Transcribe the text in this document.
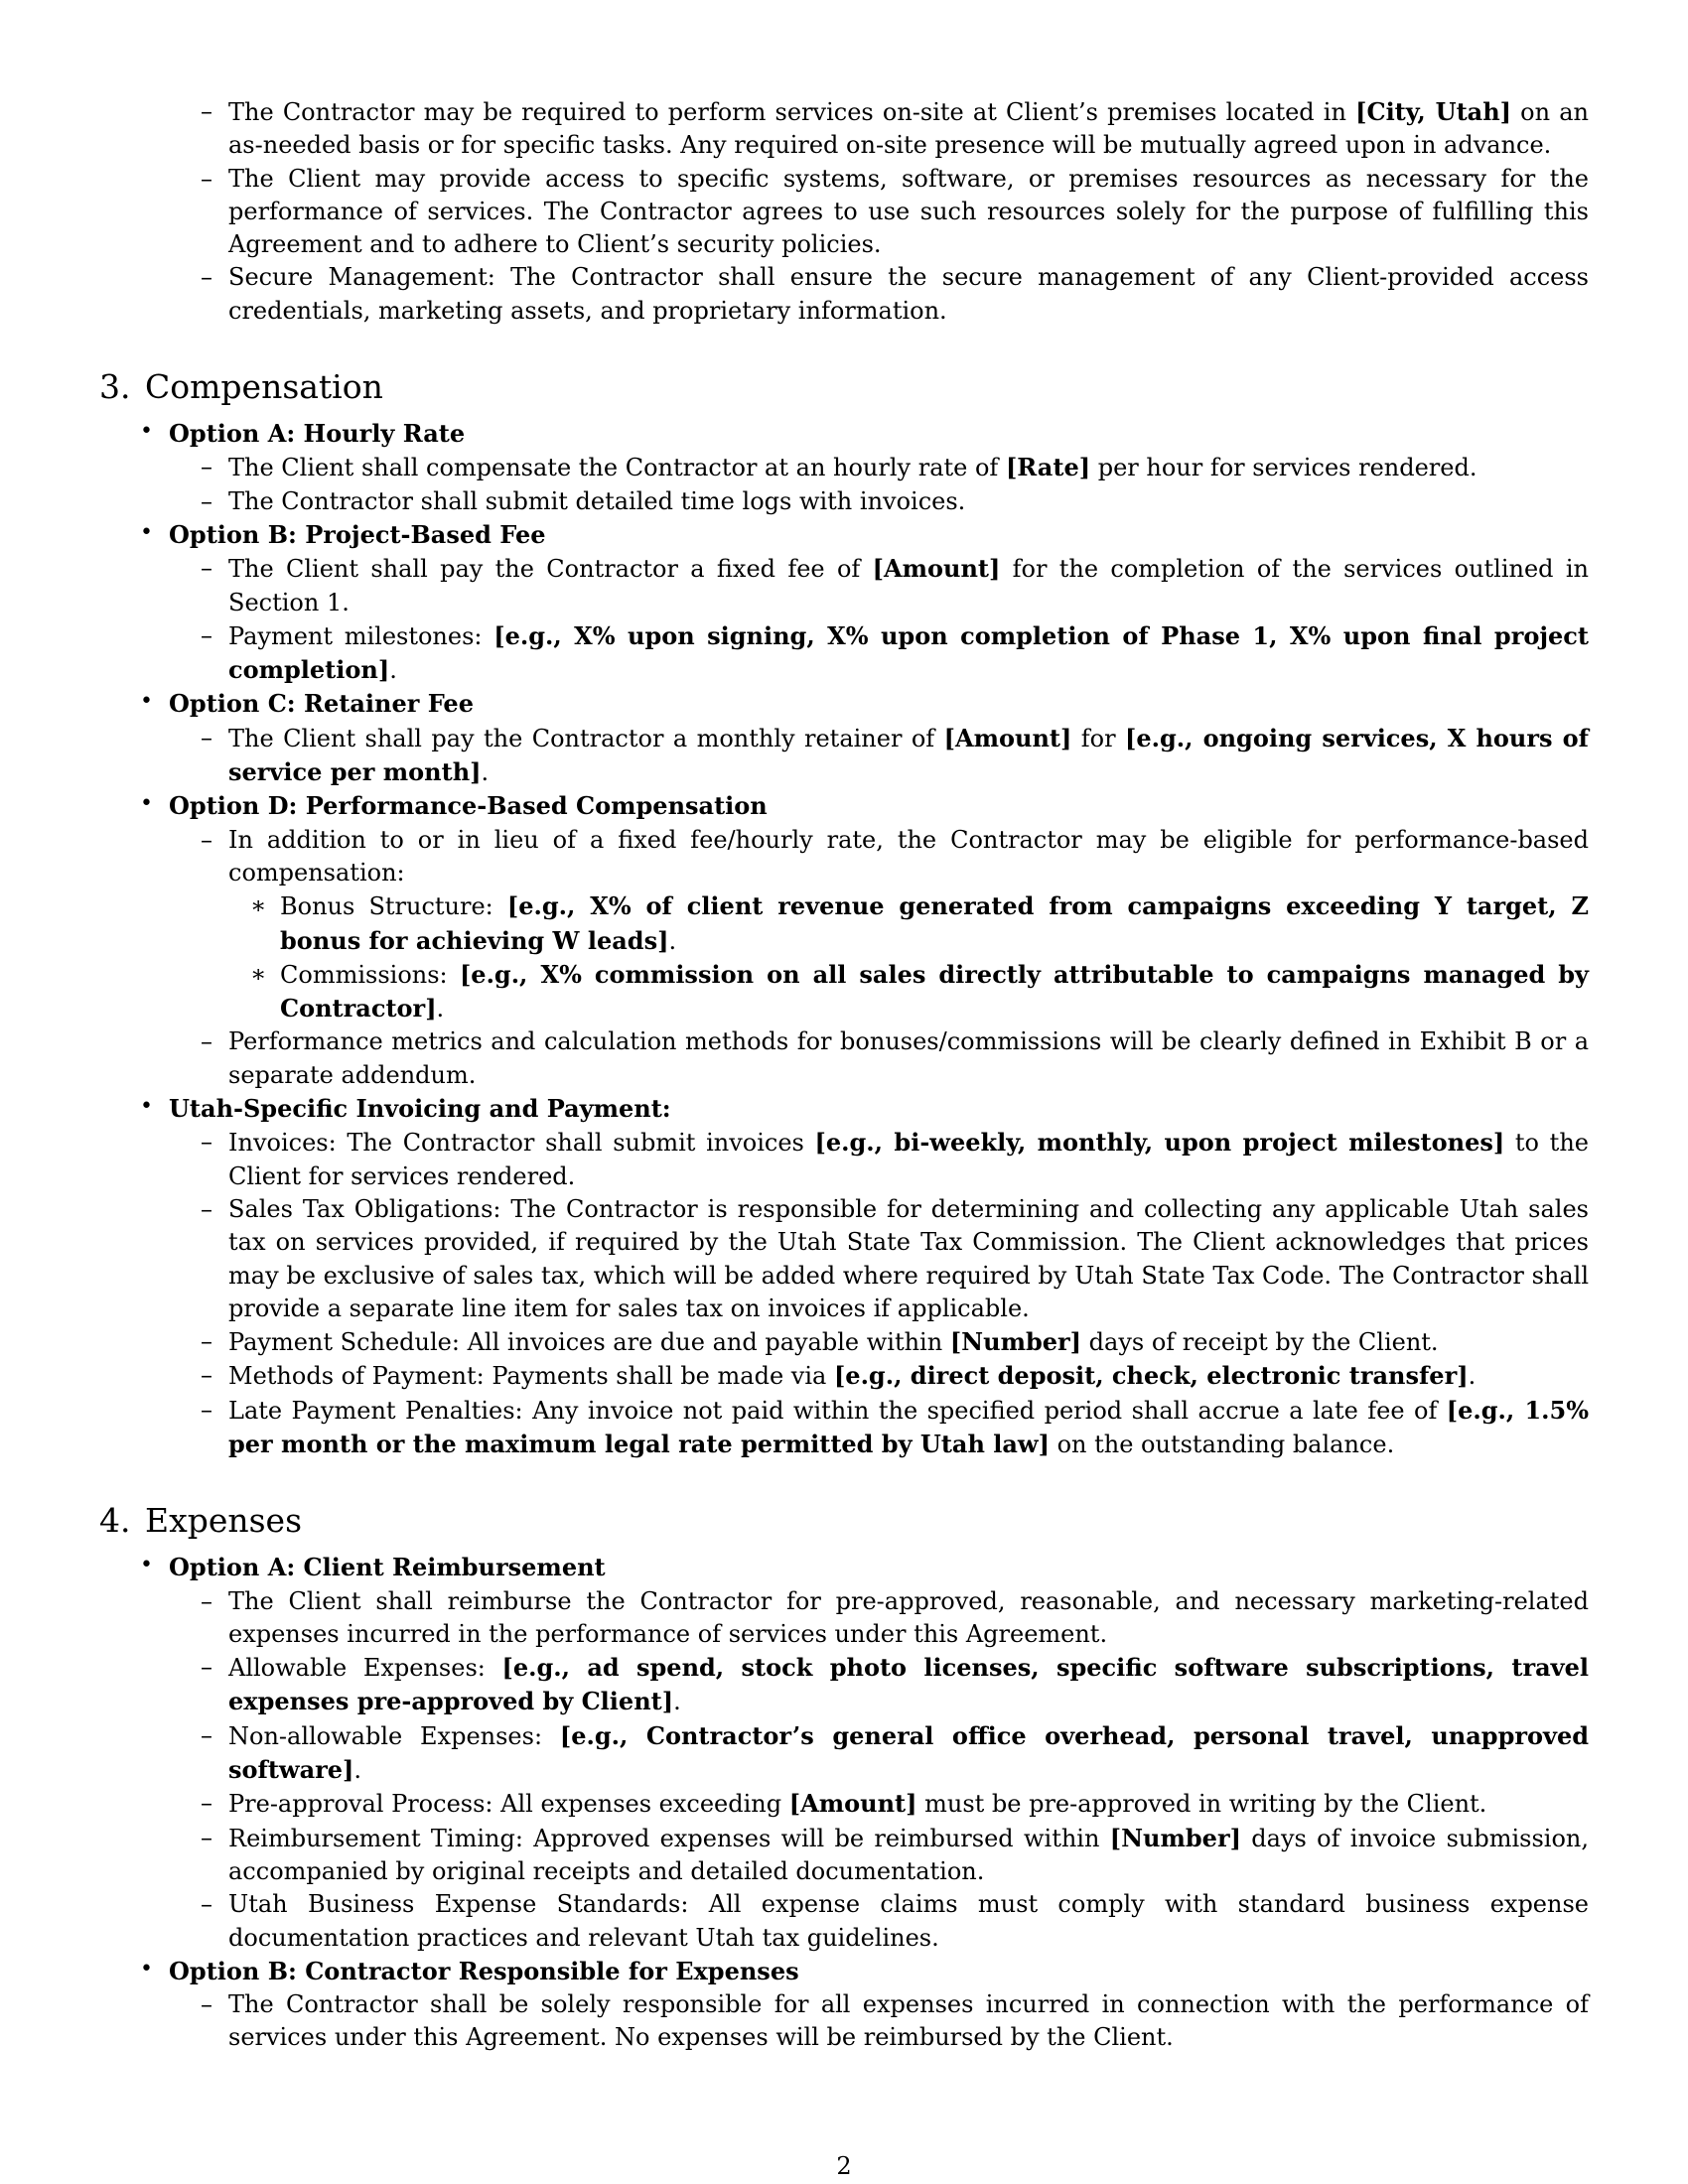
–
The Contractor may be required to perform services on-site at Client’s premises located in [City, Utah] on an as-needed basis or for specific tasks. Any required on-site presence will be mutually agreed upon in advance.
–
The Client may provide access to specific systems, software, or premises resources as necessary for the performance of services. The Contractor agrees to use such resources solely for the purpose of fulfilling this Agreement and to adhere to Client’s security policies.
–
Secure Management: The Contractor shall ensure the secure management of any Client-provided access credentials, marketing assets, and proprietary information.
3. Compensation
•
Option A: Hourly Rate
–
The Client shall compensate the Contractor at an hourly rate of [Rate] per hour for services rendered.
–
The Contractor shall submit detailed time logs with invoices.
•
Option B: Project-Based Fee
–
The Client shall pay the Contractor a fixed fee of [Amount] for the completion of the services outlined in Section 1.
–
Payment milestones: [e.g., X% upon signing, X% upon completion of Phase 1, X% upon final project completion].
•
Option C: Retainer Fee
–
The Client shall pay the Contractor a monthly retainer of [Amount] for [e.g., ongoing services, X hours of service per month].
•
Option D: Performance-Based Compensation
–
In addition to or in lieu of a fixed fee/hourly rate, the Contractor may be eligible for performance-based compensation:
∗
Bonus Structure: [e.g., X% of client revenue generated from campaigns exceeding Y target, Z bonus for achieving W leads].
∗
Commissions: [e.g., X% commission on all sales directly attributable to campaigns managed by Contractor].
–
Performance metrics and calculation methods for bonuses/commissions will be clearly defined in Exhibit B or a separate addendum.
•
Utah-Specific Invoicing and Payment:
–
Invoices: The Contractor shall submit invoices [e.g., bi-weekly, monthly, upon project milestones] to the Client for services rendered.
–
Sales Tax Obligations: The Contractor is responsible for determining and collecting any applicable Utah sales tax on services provided, if required by the Utah State Tax Commission. The Client acknowledges that prices may be exclusive of sales tax, which will be added where required by Utah State Tax Code. The Contractor shall provide a separate line item for sales tax on invoices if applicable.
–
Payment Schedule: All invoices are due and payable within [Number] days of receipt by the Client.
–
Methods of Payment: Payments shall be made via [e.g., direct deposit, check, electronic transfer].
–
Late Payment Penalties: Any invoice not paid within the specified period shall accrue a late fee of [e.g., 1.5% per month or the maximum legal rate permitted by Utah law] on the outstanding balance.
4. Expenses
•
Option A: Client Reimbursement
–
The Client shall reimburse the Contractor for pre-approved, reasonable, and necessary marketing-related expenses incurred in the performance of services under this Agreement.
–
Allowable Expenses: [e.g., ad spend, stock photo licenses, specific software subscriptions, travel expenses pre-approved by Client].
–
Non-allowable Expenses: [e.g., Contractor’s general office overhead, personal travel, unapproved software].
–
Pre-approval Process: All expenses exceeding [Amount] must be pre-approved in writing by the Client.
–
Reimbursement Timing: Approved expenses will be reimbursed within [Number] days of invoice submission, accompanied by original receipts and detailed documentation.
–
Utah Business Expense Standards: All expense claims must comply with standard business expense documentation practices and relevant Utah tax guidelines.
•
Option B: Contractor Responsible for Expenses
–
The Contractor shall be solely responsible for all expenses incurred in connection with the performance of services under this Agreement. No expenses will be reimbursed by the Client.
2
